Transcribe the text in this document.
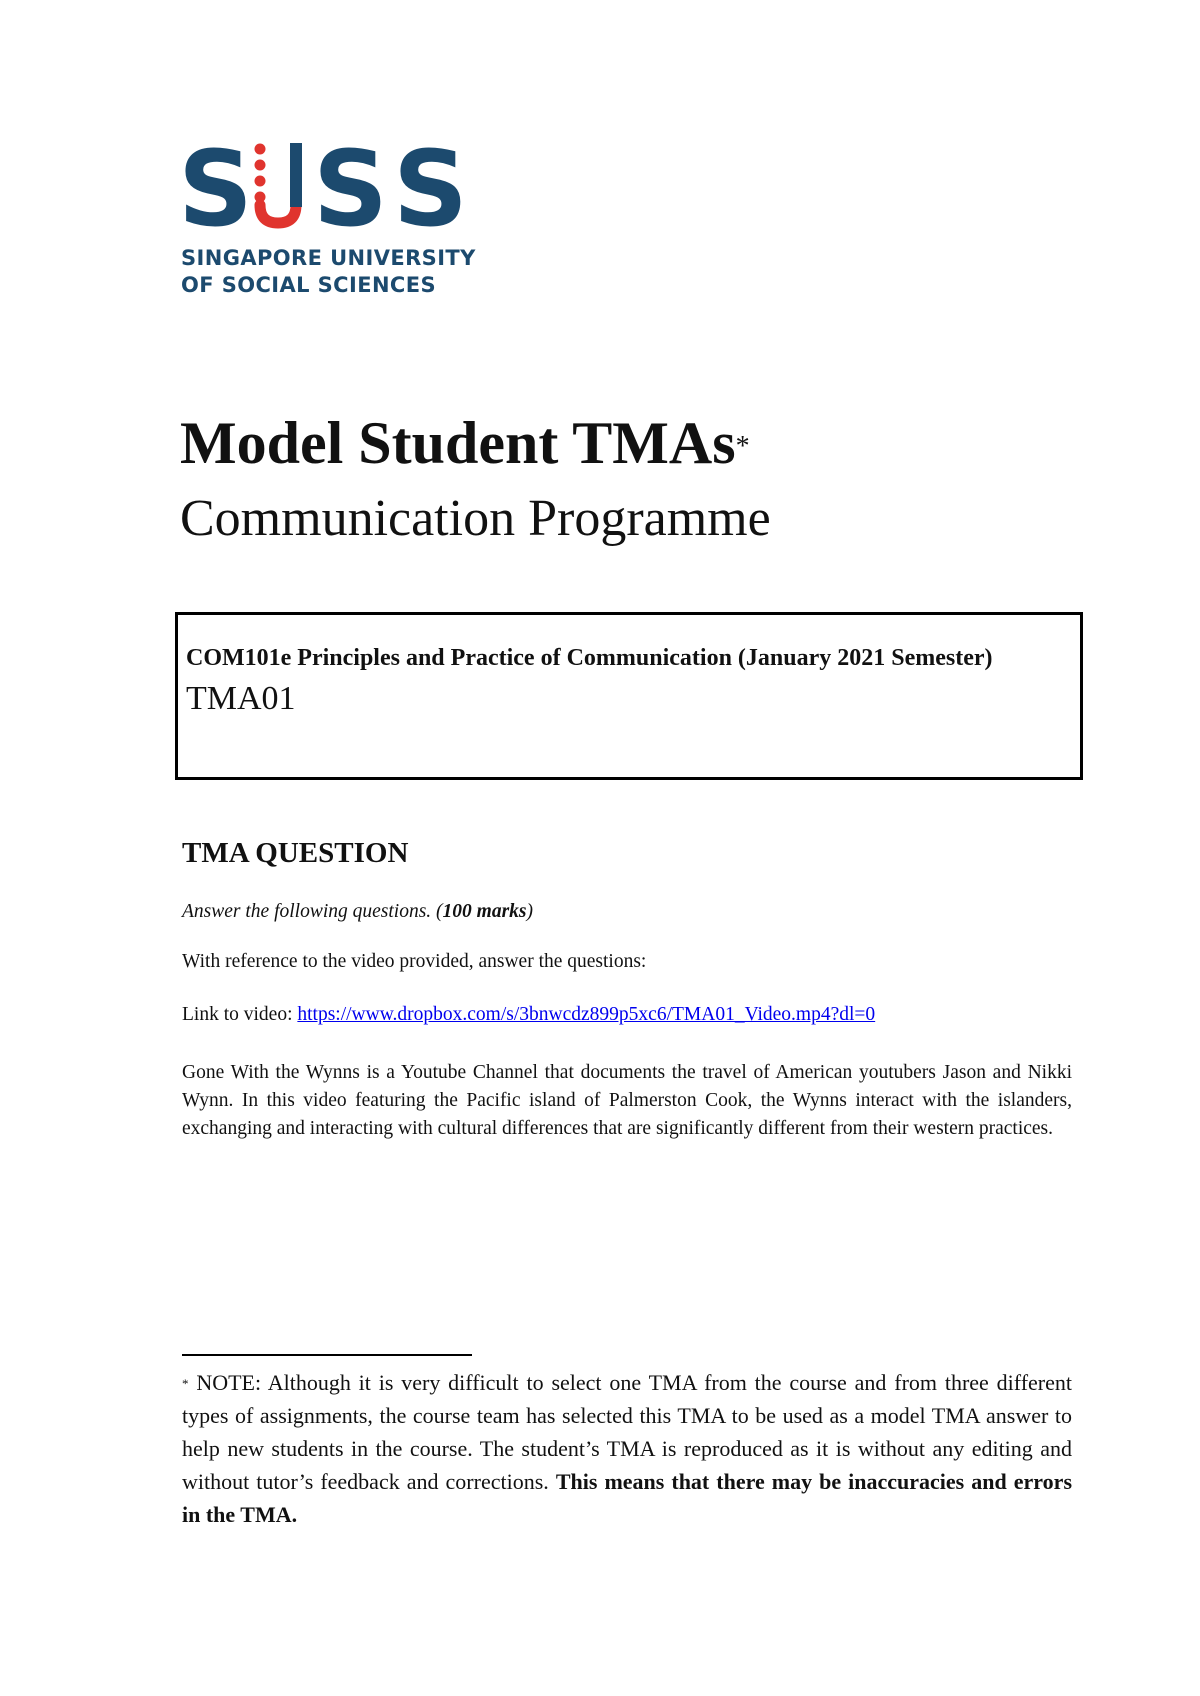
S S S
SINGAPORE UNIVERSITY
OF SOCIAL SCIENCES
Model Student TMAs*
Communication Programme

COM101e Principles and Practice of Communication (January 2021 Semester)

TMA01

TMA QUESTION

Answer the following questions. (100 marks)

With reference to the video provided, answer the questions:

Link to video: https://www.dropbox.com/s/3bnwcdz899p5xc6/TMA01_Video.mp4?dl=0

Gone With the Wynns is a Youtube Channel that documents the travel of American youtubers Jason and Nikki Wynn. In this video featuring the Pacific island of Palmerston Cook, the Wynns interact with the islanders, exchanging and interacting with cultural differences that are significantly different from their western practices.

* NOTE: Although it is very difficult to select one TMA from the course and from three different types of assignments, the course team has selected this TMA to be used as a model TMA answer to help new students in the course. The student’s TMA is reproduced as it is without any editing and without tutor’s feedback and corrections. This means that there may be inaccuracies and errors in the TMA.
